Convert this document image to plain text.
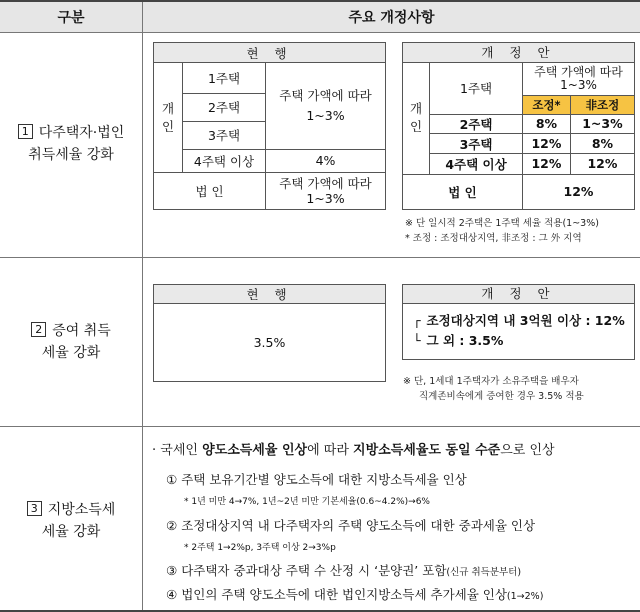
구분	주요 개정사항
1 다주택자·법인
취득세율 강화
현 행		
개 인	1주택	주택 가액에 따라 1~3%
	2주택	
	3주택	
	4주택 이상	4%
법 인		주택 가액에 따라 1~3%
개 정 안			
개 인	1주택	주택 가액에 따라 1~3%	
		조정*	非조정
	2주택	8%	1~3%
	3주택	12%	8%
	4주택 이상	12%	12%
법 인		12%	
※ 단 일시적 2주택은 1주택 세율 적용(1~3%)
* 조정 : 조정대상지역, 非조정 : 그 外 지역
2 증여 취득
세율 강화
현 행
3.5%
개 정 안
┌ 조정대상지역 내 3억원 이상 : 12%
└ 그 외 : 3.5%
※ 단, 1세대 1주택자가 소유주택을 배우자
직계존비속에게 증여한 경우 3.5% 적용
3 지방소득세
세율 강화
· 국세인 양도소득세율 인상에 따라 지방소득세율도 동일 수준으로 인상
① 주택 보유기간별 양도소득에 대한 지방소득세율 인상
* 1년 미만 4→7%, 1년~2년 미만 기본세율(0.6~4.2%)→6%
② 조정대상지역 내 다주택자의 주택 양도소득에 대한 중과세율 인상
* 2주택 1→2%p, 3주택 이상 2→3%p
③ 다주택자 중과대상 주택 수 산정 시 ‘분양권’ 포함(신규 취득분부터)
④ 법인의 주택 양도소득에 대한 법인지방소득세 추가세율 인상(1→2%)
